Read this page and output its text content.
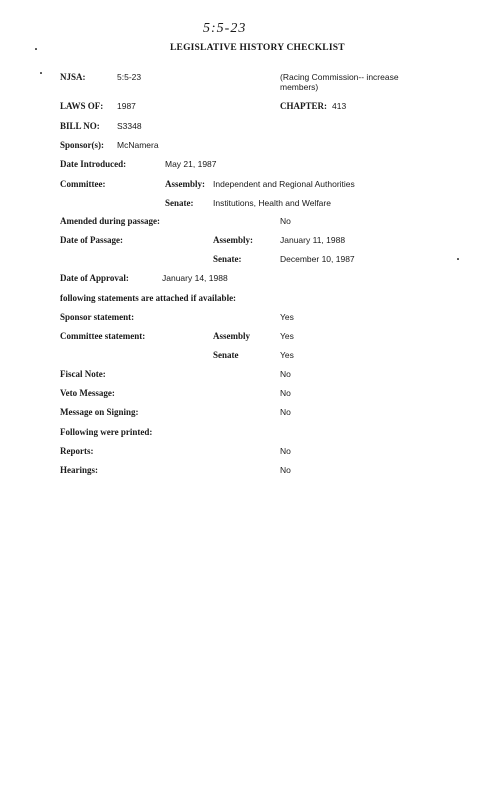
5:5-23
LEGISLATIVE HISTORY CHECKLIST
NJSA:	5:5-23	(Racing Commission-- increase
members)
LAWS OF: 1987	CHAPTER: 413
BILL NO: S3348
Sponsor(s): McNamera
Date Introduced:	May 21, 1987
Committee:	Assembly: Independent and Regional Authorities
Senate: Institutions, Health and Welfare
Amended during passage:	No
Date of Passage:	Assembly:	January 11, 1988
Senate:	December 10, 1987
Date of Approval:	January 14, 1988
following statements are attached if available:
Sponsor statement:	Yes
Committee statement:	Assembly	Yes
Senate	Yes
Fiscal Note:	No
Veto Message:	No
Message on Signing:	No
Following were printed:
Reports:	No
Hearings:	No
